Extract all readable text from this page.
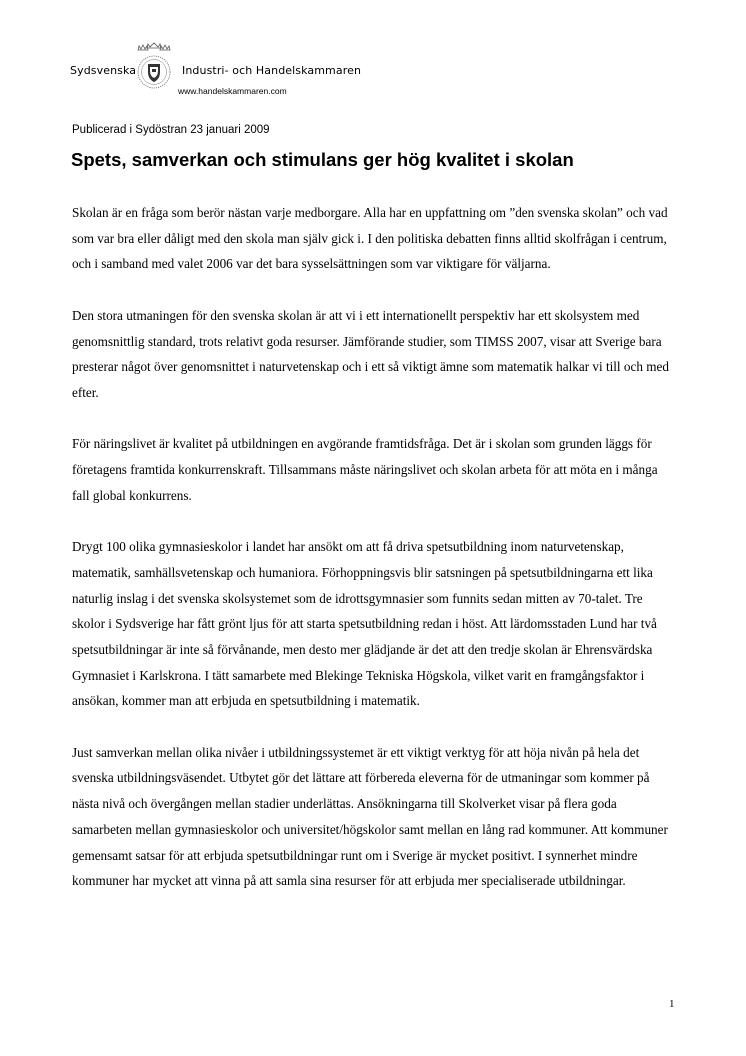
Sydsvenska	Industri- och Handelskammaren
www.handelskammaren.com
Publicerad i Sydöstran 23 januari 2009
Spets, samverkan och stimulans ger hög kvalitet i skolan

Skolan är en fråga som berör nästan varje medborgare. Alla har en uppfattning om ”den svenska skolan” och vad som var bra eller dåligt med den skola man själv gick i. I den politiska debatten finns alltid skolfrågan i centrum, och i samband med valet 2006 var det bara sysselsättningen som var viktigare för väljarna.

Den stora utmaningen för den svenska skolan är att vi i ett internationellt perspektiv har ett skolsystem med genomsnittlig standard, trots relativt goda resurser. Jämförande studier, som TIMSS 2007, visar att Sverige bara presterar något över genomsnittet i naturvetenskap och i ett så viktigt ämne som matematik halkar vi till och med efter.

För näringslivet är kvalitet på utbildningen en avgörande framtidsfråga. Det är i skolan som grunden läggs för företagens framtida konkurrenskraft. Tillsammans måste näringslivet och skolan arbeta för att möta en i många fall global konkurrens.

Drygt 100 olika gymnasieskolor i landet har ansökt om att få driva spetsutbildning inom naturvetenskap, matematik, samhällsvetenskap och humaniora. Förhoppningsvis blir satsningen på spetsutbildningarna ett lika naturlig inslag i det svenska skolsystemet som de idrottsgymnasier som funnits sedan mitten av 70-talet. Tre skolor i Sydsverige har fått grönt ljus för att starta spetsutbildning redan i höst. Att lärdomsstaden Lund har två spetsutbildningar är inte så förvånande, men desto mer glädjande är det att den tredje skolan är Ehrensvärdska Gymnasiet i Karlskrona. I tätt samarbete med Blekinge Tekniska Högskola, vilket varit en framgångsfaktor i ansökan, kommer man att erbjuda en spetsutbildning i matematik.

Just samverkan mellan olika nivåer i utbildningssystemet är ett viktigt verktyg för att höja nivån på hela det svenska utbildningsväsendet. Utbytet gör det lättare att förbereda eleverna för de utmaningar som kommer på nästa nivå och övergången mellan stadier underlättas. Ansökningarna till Skolverket visar på flera goda samarbeten mellan gymnasieskolor och universitet/högskolor samt mellan en lång rad kommuner. Att kommuner gemensamt satsar för att erbjuda spetsutbildningar runt om i Sverige är mycket positivt. I synnerhet mindre kommuner har mycket att vinna på att samla sina resurser för att erbjuda mer specialiserade utbildningar.

1
